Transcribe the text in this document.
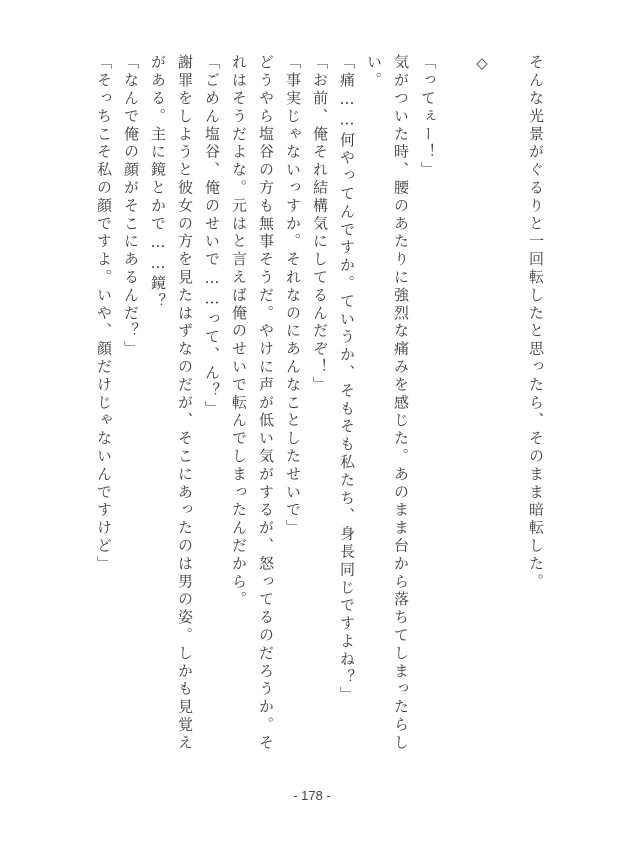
そんな光景がぐるりと一回転したと思ったら、そのまま暗転した。
◇
「ってぇー！」
気がついた時、腰のあたりに強烈な痛みを感じた。あのまま台から落ちてしまったらし
い。
「痛……何やってんですか。ていうか、そもそも私たち、身長同じですよね？」
「お前、俺それ結構気にしてるんだぞ！」
「事実じゃないっすか。それなのにあんなことしたせいで」
どうやら塩谷の方も無事そうだ。やけに声が低い気がするが、怒ってるのだろうか。そ
れはそうだよな。元はと言えば俺のせいで転んでしまったんだから。
「ごめん塩谷、俺のせいで……って、ん？」
謝罪をしようと彼女の方を見たはずなのだが、そこにあったのは男の姿。しかも見覚え
がある。主に鏡とかで……鏡？
「なんで俺の顔がそこにあるんだ？」
「そっちこそ私の顔ですよ。いや、顔だけじゃないんですけど」
- 178 -
